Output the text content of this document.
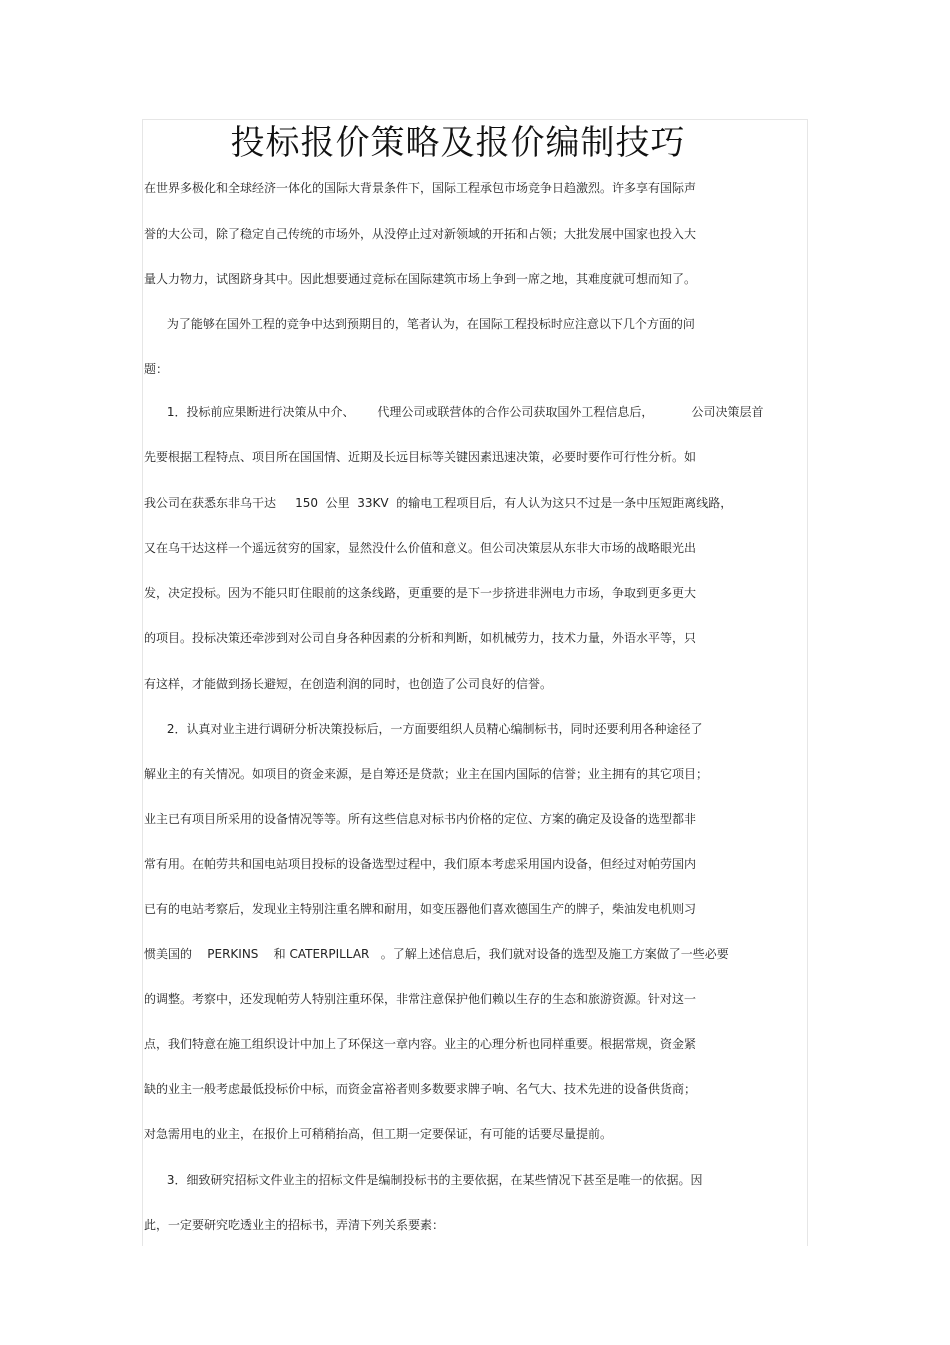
投标报价策略及报价编制技巧
在世界多极化和全球经济一体化的国际大背景条件下，国际工程承包市场竞争日趋激烈。许多享有国际声
誉的大公司，除了稳定自己传统的市场外，从没停止过对新领域的开拓和占领；大批发展中国家也投入大
量人力物力，试图跻身其中。因此想要通过竞标在国际建筑市场上争到一席之地，其难度就可想而知了。
为了能够在国外工程的竞争中达到预期目的，笔者认为，在国际工程投标时应注意以下几个方面的问
题：
1．投标前应果断进行决策从中介、      代理公司或联营体的合作公司获取国外工程信息后，          公司决策层首
先要根据工程特点、项目所在国国情、近期及长远目标等关键因素迅速决策，必要时要作可行性分析。如
我公司在获悉东非乌干达     150  公里  33KV  的输电工程项目后，有人认为这只不过是一条中压短距离线路，
又在乌干达这样一个遥远贫穷的国家，显然没什么价值和意义。但公司决策层从东非大市场的战略眼光出
发，决定投标。因为不能只盯住眼前的这条线路，更重要的是下一步挤进非洲电力市场，争取到更多更大
的项目。投标决策还牵涉到对公司自身各种因素的分析和判断，如机械劳力，技术力量，外语水平等，只
有这样，才能做到扬长避短，在创造利润的同时，也创造了公司良好的信誉。
2．认真对业主进行调研分析决策投标后，一方面要组织人员精心编制标书，同时还要利用各种途径了
解业主的有关情况。如项目的资金来源，是自筹还是贷款；业主在国内国际的信誉；业主拥有的其它项目；
业主已有项目所采用的设备情况等等。所有这些信息对标书内价格的定位、方案的确定及设备的选型都非
常有用。在帕劳共和国电站项目投标的设备选型过程中，我们原本考虑采用国内设备，但经过对帕劳国内
已有的电站考察后，发现业主特别注重名牌和耐用，如变压器他们喜欢德国生产的牌子，柴油发电机则习
惯美国的    PERKINS    和 CATERPILLAR   。了解上述信息后，我们就对设备的选型及施工方案做了一些必要
的调整。考察中，还发现帕劳人特别注重环保，非常注意保护他们赖以生存的生态和旅游资源。针对这一
点，我们特意在施工组织设计中加上了环保这一章内容。业主的心理分析也同样重要。根据常规，资金紧
缺的业主一般考虑最低投标价中标，而资金富裕者则多数要求牌子响、名气大、技术先进的设备供货商；
对急需用电的业主，在报价上可稍稍抬高，但工期一定要保证，有可能的话要尽量提前。
3．细致研究招标文件业主的招标文件是编制投标书的主要依据，在某些情况下甚至是唯一的依据。因
此，一定要研究吃透业主的招标书，弄清下列关系要素：
